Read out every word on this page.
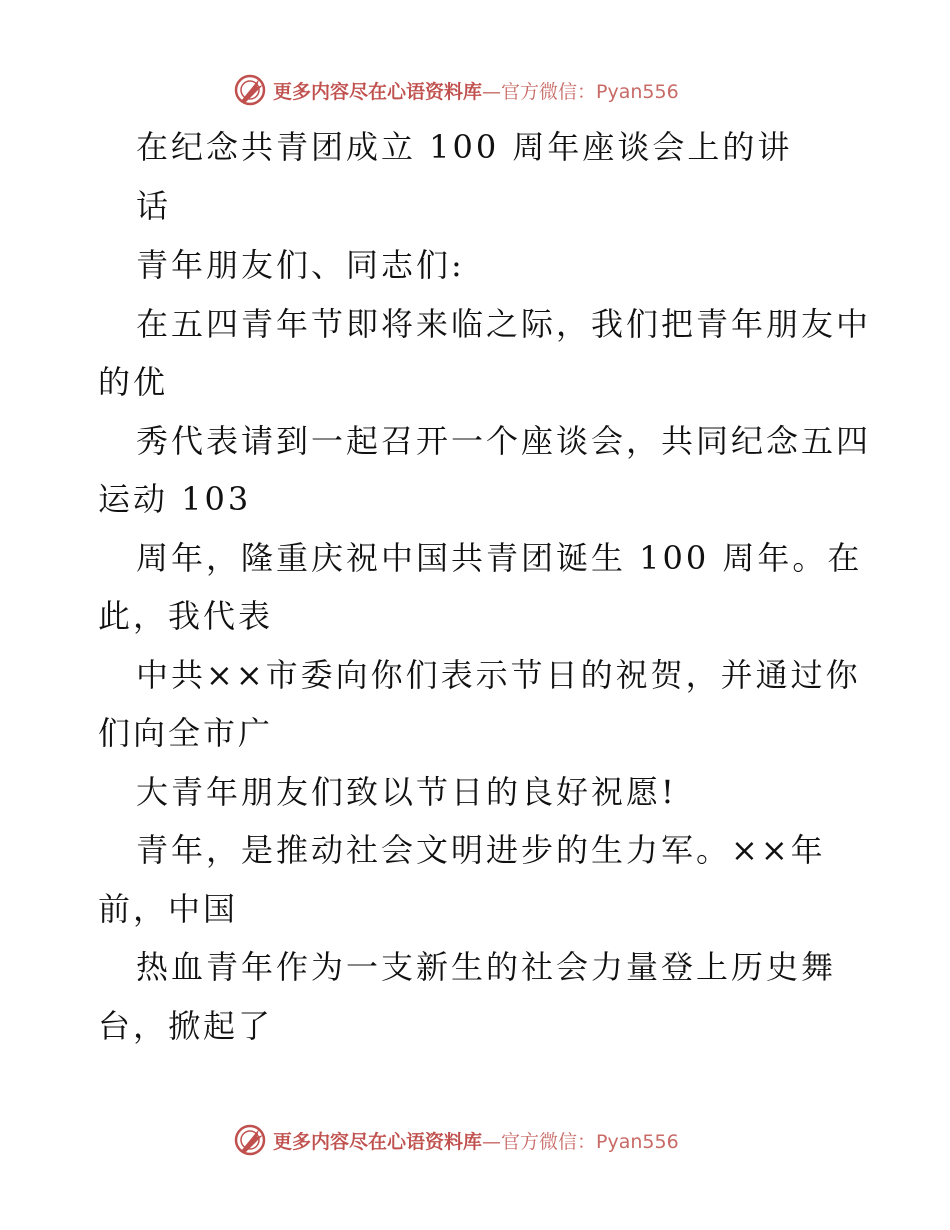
更多内容尽在心语资料库 —官方微信：Pyan556
在纪念共青团成立 100 周年座谈会上的讲
话
青年朋友们、同志们:
在五四青年节即将来临之际，我们把青年朋友中
的优
秀代表请到一起召开一个座谈会，共同纪念五四
运动 103
周年，隆重庆祝中国共青团诞生 100 周年。在
此，我代表
中共××市委向你们表示节日的祝贺，并通过你
们向全市广
大青年朋友们致以节日的良好祝愿!
青年，是推动社会文明进步的生力军。××年
前，中国
热血青年作为一支新生的社会力量登上历史舞
台，掀起了
更多内容尽在心语资料库 —官方微信：Pyan556
